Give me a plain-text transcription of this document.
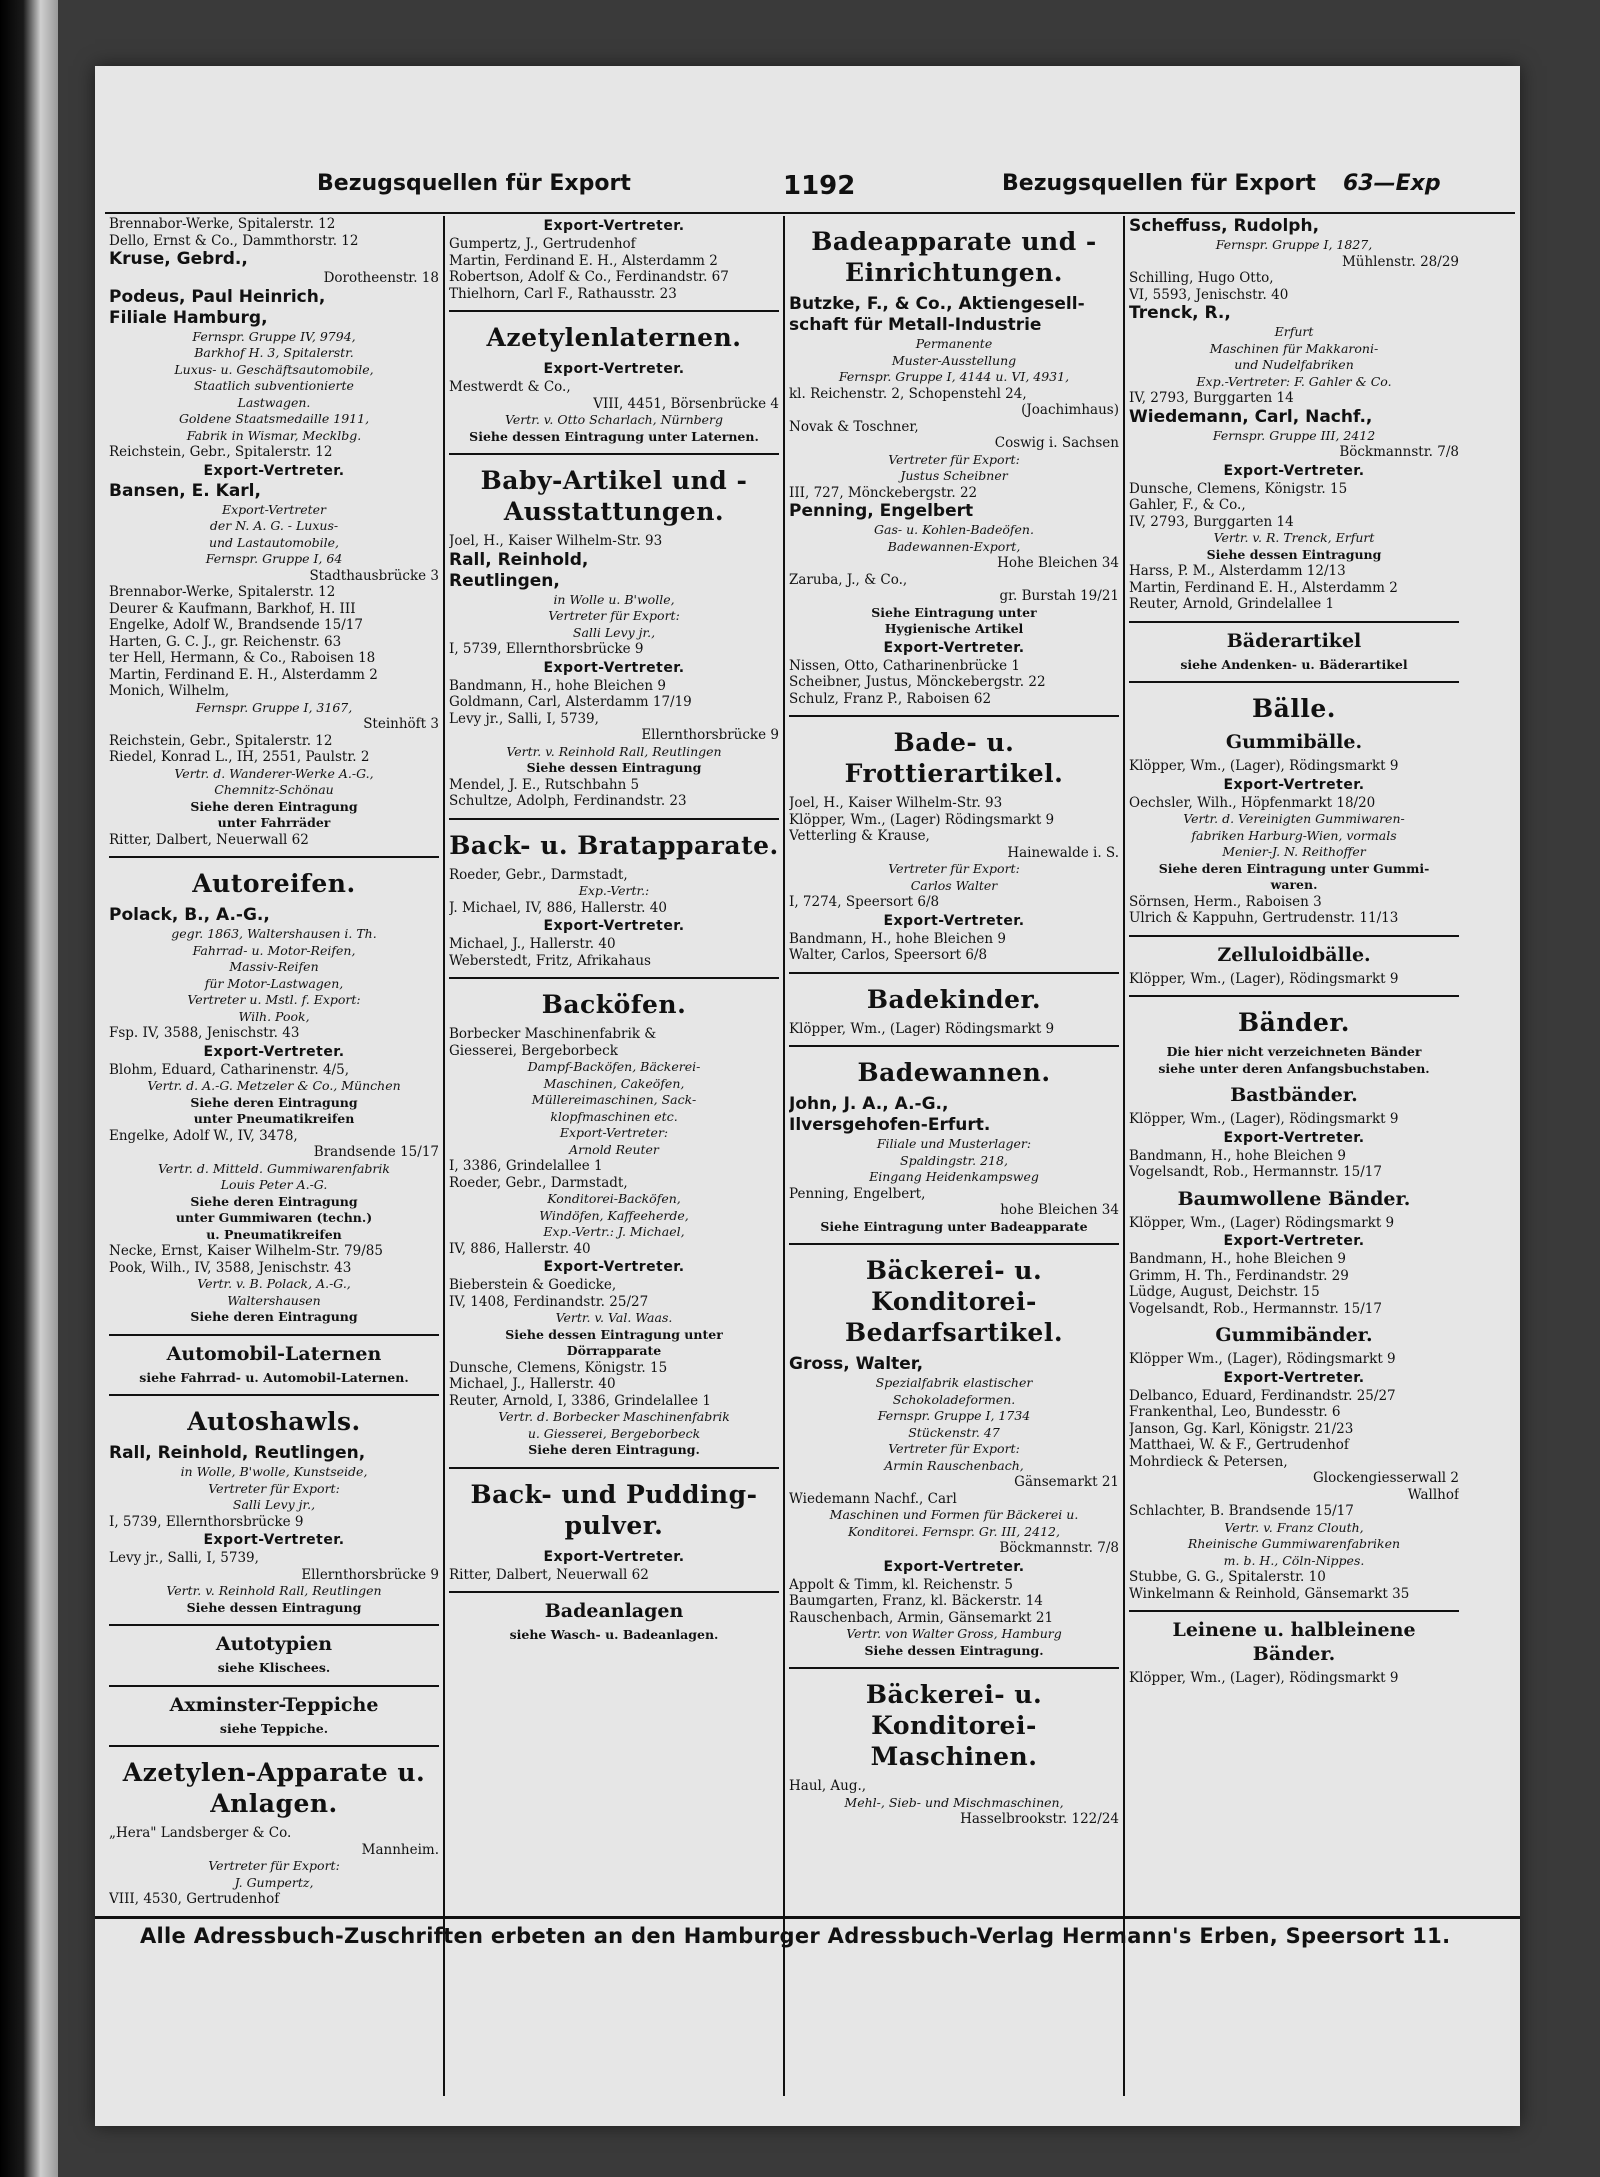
Bezugsquellen für Export	1192	Bezugsquellen für Export 63—Exp

Brennabor-Werke, Spitalerstr. 12

Dello, Ernst & Co., Dammthorstr. 12

Kruse, Gebrd.,

Dorotheenstr. 18

Podeus, Paul Heinrich,

Filiale Hamburg,

Fernspr. Gruppe IV, 9794,

Barkhof H. 3, Spitalerstr.

Luxus- u. Geschäftsautomobile,

Staatlich subventionierte

Lastwagen.

Goldene Staatsmedaille 1911,

Fabrik in Wismar, Mecklbg.

Reichstein, Gebr., Spitalerstr. 12

Export-Vertreter.

Bansen, E. Karl,

Export-Vertreter

der N. A. G. - Luxus-

und Lastautomobile,

Fernspr. Gruppe I, 64

Stadthausbrücke 3

Brennabor-Werke, Spitalerstr. 12

Deurer & Kaufmann, Barkhof, H. III

Engelke, Adolf W., Brandsende 15/17

Harten, G. C. J., gr. Reichenstr. 63

ter Hell, Hermann, & Co., Raboisen 18

Martin, Ferdinand E. H., Alsterdamm 2

Monich, Wilhelm,

Fernspr. Gruppe I, 3167,

Steinhöft 3

Reichstein, Gebr., Spitalerstr. 12

Riedel, Konrad L., IH, 2551, Paulstr. 2

Vertr. d. Wanderer-Werke A.-G.,

Chemnitz-Schönau

Siehe deren Eintragung

unter Fahrräder

Ritter, Dalbert, Neuerwall 62

Autoreifen.

Polack, B., A.-G.,

gegr. 1863, Waltershausen i. Th.

Fahrrad- u. Motor-Reifen,

Massiv-Reifen

für Motor-Lastwagen,

Vertreter u. Mstl. f. Export:

Wilh. Pook,

Fsp. IV, 3588, Jenischstr. 43

Export-Vertreter.

Blohm, Eduard, Catharinenstr. 4/5,

Vertr. d. A.-G. Metzeler & Co., München

Siehe deren Eintragung

unter Pneumatikreifen

Engelke, Adolf W., IV, 3478,

Brandsende 15/17

Vertr. d. Mitteld. Gummiwarenfabrik

Louis Peter A.-G.

Siehe deren Eintragung

unter Gummiwaren (techn.)

u. Pneumatikreifen

Necke, Ernst, Kaiser Wilhelm-Str. 79/85

Pook, Wilh., IV, 3588, Jenischstr. 43

Vertr. v. B. Polack, A.-G.,

Waltershausen

Siehe deren Eintragung

Automobil-Laternen

siehe Fahrrad- u. Automobil-Laternen.

Autoshawls.

Rall, Reinhold, Reutlingen,

in Wolle, B'wolle, Kunstseide,

Vertreter für Export:

Salli Levy jr.,

I, 5739, Ellernthorsbrücke 9

Export-Vertreter.

Levy jr., Salli, I, 5739,

Ellernthorsbrücke 9

Vertr. v. Reinhold Rall, Reutlingen

Siehe dessen Eintragung

Autotypien

siehe Klischees.

Axminster-Teppiche

siehe Teppiche.

Azetylen-Apparate u. Anlagen.

„Hera" Landsberger & Co.

Mannheim.

Vertreter für Export:

J. Gumpertz,

VIII, 4530, Gertrudenhof

Export-Vertreter.

Gumpertz, J., Gertrudenhof

Martin, Ferdinand E. H., Alsterdamm 2

Robertson, Adolf & Co., Ferdinandstr. 67

Thielhorn, Carl F., Rathausstr. 23

Azetylenlaternen.

Export-Vertreter.

Mestwerdt & Co.,

VIII, 4451, Börsenbrücke 4

Vertr. v. Otto Scharlach, Nürnberg

Siehe dessen Eintragung unter Laternen.

Baby-Artikel und -Ausstattungen.

Joel, H., Kaiser Wilhelm-Str. 93

Rall, Reinhold,

Reutlingen,

in Wolle u. B'wolle,

Vertreter für Export:

Salli Levy jr.,

I, 5739, Ellernthorsbrücke 9

Export-Vertreter.

Bandmann, H., hohe Bleichen 9

Goldmann, Carl, Alsterdamm 17/19

Levy jr., Salli, I, 5739,

Ellernthorsbrücke 9

Vertr. v. Reinhold Rall, Reutlingen

Siehe dessen Eintragung

Mendel, J. E., Rutschbahn 5

Schultze, Adolph, Ferdinandstr. 23

Back- u. Bratapparate.

Roeder, Gebr., Darmstadt,

Exp.-Vertr.:

J. Michael, IV, 886, Hallerstr. 40

Export-Vertreter.

Michael, J., Hallerstr. 40

Weberstedt, Fritz, Afrikahaus

Backöfen.

Borbecker Maschinenfabrik &

Giesserei, Bergeborbeck

Dampf-Backöfen, Bäckerei-

Maschinen, Cakeöfen,

Müllereimaschinen, Sack-

klopfmaschinen etc.

Export-Vertreter:

Arnold Reuter

I, 3386, Grindelallee 1

Roeder, Gebr., Darmstadt,

Konditorei-Backöfen,

Windöfen, Kaffeeherde,

Exp.-Vertr.: J. Michael,

IV, 886, Hallerstr. 40

Export-Vertreter.

Bieberstein & Goedicke,

IV, 1408, Ferdinandstr. 25/27

Vertr. v. Val. Waas.

Siehe dessen Eintragung unter

Dörrapparate

Dunsche, Clemens, Königstr. 15

Michael, J., Hallerstr. 40

Reuter, Arnold, I, 3386, Grindelallee 1

Vertr. d. Borbecker Maschinenfabrik

u. Giesserei, Bergeborbeck

Siehe deren Eintragung.

Back- und Pudding-pulver.

Export-Vertreter.

Ritter, Dalbert, Neuerwall 62

Badeanlagen

siehe Wasch- u. Badeanlagen.

Badeapparate und -Einrichtungen.

Butzke, F., & Co., Aktiengesell-

schaft für Metall-Industrie

Permanente

Muster-Ausstellung

Fernspr. Gruppe I, 4144 u. VI, 4931,

kl. Reichenstr. 2, Schopenstehl 24,

(Joachimhaus)

Novak & Toschner,

Coswig i. Sachsen

Vertreter für Export:

Justus Scheibner

III, 727, Mönckebergstr. 22

Penning, Engelbert

Gas- u. Kohlen-Badeöfen.

Badewannen-Export,

Hohe Bleichen 34

Zaruba, J., & Co.,

gr. Burstah 19/21

Siehe Eintragung unter

Hygienische Artikel

Export-Vertreter.

Nissen, Otto, Catharinenbrücke 1

Scheibner, Justus, Mönckebergstr. 22

Schulz, Franz P., Raboisen 62

Bade- u. Frottierartikel.

Joel, H., Kaiser Wilhelm-Str. 93

Klöpper, Wm., (Lager) Rödingsmarkt 9

Vetterling & Krause,

Hainewalde i. S.

Vertreter für Export:

Carlos Walter

I, 7274, Speersort 6/8

Export-Vertreter.

Bandmann, H., hohe Bleichen 9

Walter, Carlos, Speersort 6/8

Badekinder.

Klöpper, Wm., (Lager) Rödingsmarkt 9

Badewannen.

John, J. A., A.-G.,

Ilversgehofen-Erfurt.

Filiale und Musterlager:

Spaldingstr. 218,

Eingang Heidenkampsweg

Penning, Engelbert,

hohe Bleichen 34

Siehe Eintragung unter Badeapparate

Bäckerei- u. Konditorei-Bedarfsartikel.

Gross, Walter,

Spezialfabrik elastischer

Schokoladeformen.

Fernspr. Gruppe I, 1734

Stückenstr. 47

Vertreter für Export:

Armin Rauschenbach,

Gänsemarkt 21

Wiedemann Nachf., Carl

Maschinen und Formen für Bäckerei u.

Konditorei. Fernspr. Gr. III, 2412,

Böckmannstr. 7/8

Export-Vertreter.

Appolt & Timm, kl. Reichenstr. 5

Baumgarten, Franz, kl. Bäckerstr. 14

Rauschenbach, Armin, Gänsemarkt 21

Vertr. von Walter Gross, Hamburg

Siehe dessen Eintragung.

Bäckerei- u. Konditorei-Maschinen.

Haul, Aug.,

Mehl-, Sieb- und Mischmaschinen,

Hasselbrookstr. 122/24

Scheffuss, Rudolph,

Fernspr. Gruppe I, 1827,

Mühlenstr. 28/29

Schilling, Hugo Otto,

VI, 5593, Jenischstr. 40

Trenck, R.,

Erfurt

Maschinen für Makkaroni-

und Nudelfabriken

Exp.-Vertreter: F. Gahler & Co.

IV, 2793, Burggarten 14

Wiedemann, Carl, Nachf.,

Fernspr. Gruppe III, 2412

Böckmannstr. 7/8

Export-Vertreter.

Dunsche, Clemens, Königstr. 15

Gahler, F., & Co.,

IV, 2793, Burggarten 14

Vertr. v. R. Trenck, Erfurt

Siehe dessen Eintragung

Harss, P. M., Alsterdamm 12/13

Martin, Ferdinand E. H., Alsterdamm 2

Reuter, Arnold, Grindelallee 1

Bäderartikel

siehe Andenken- u. Bäderartikel

Bälle.
Gummibälle.

Klöpper, Wm., (Lager), Rödingsmarkt 9

Export-Vertreter.

Oechsler, Wilh., Höpfenmarkt 18/20

Vertr. d. Vereinigten Gummiwaren-

fabriken Harburg-Wien, vormals

Menier-J. N. Reithoffer

Siehe deren Eintragung unter Gummi-

waren.

Sörnsen, Herm., Raboisen 3

Ulrich & Kappuhn, Gertrudenstr. 11/13

Zelluloidbälle.

Klöpper, Wm., (Lager), Rödingsmarkt 9

Bänder.

Die hier nicht verzeichneten Bänder

siehe unter deren Anfangsbuchstaben.

Bastbänder.

Klöpper, Wm., (Lager), Rödingsmarkt 9

Export-Vertreter.

Bandmann, H., hohe Bleichen 9

Vogelsandt, Rob., Hermannstr. 15/17

Baumwollene Bänder.

Klöpper, Wm., (Lager) Rödingsmarkt 9

Export-Vertreter.

Bandmann, H., hohe Bleichen 9

Grimm, H. Th., Ferdinandstr. 29

Lüdge, August, Deichstr. 15

Vogelsandt, Rob., Hermannstr. 15/17

Gummibänder.

Klöpper Wm., (Lager), Rödingsmarkt 9

Export-Vertreter.

Delbanco, Eduard, Ferdinandstr. 25/27

Frankenthal, Leo, Bundesstr. 6

Janson, Gg. Karl, Königstr. 21/23

Matthaei, W. & F., Gertrudenhof

Mohrdieck & Petersen,

Glockengiesserwall 2

Wallhof

Schlachter, B. Brandsende 15/17

Vertr. v. Franz Clouth,

Rheinische Gummiwarenfabriken

m. b. H., Cöln-Nippes.

Stubbe, G. G., Spitalerstr. 10

Winkelmann & Reinhold, Gänsemarkt 35

Leinene u. halbleinene Bänder.

Klöpper, Wm., (Lager), Rödingsmarkt 9

Alle Adressbuch-Zuschriften erbeten an den Hamburger Adressbuch-Verlag Hermann's Erben, Speersort 11.
